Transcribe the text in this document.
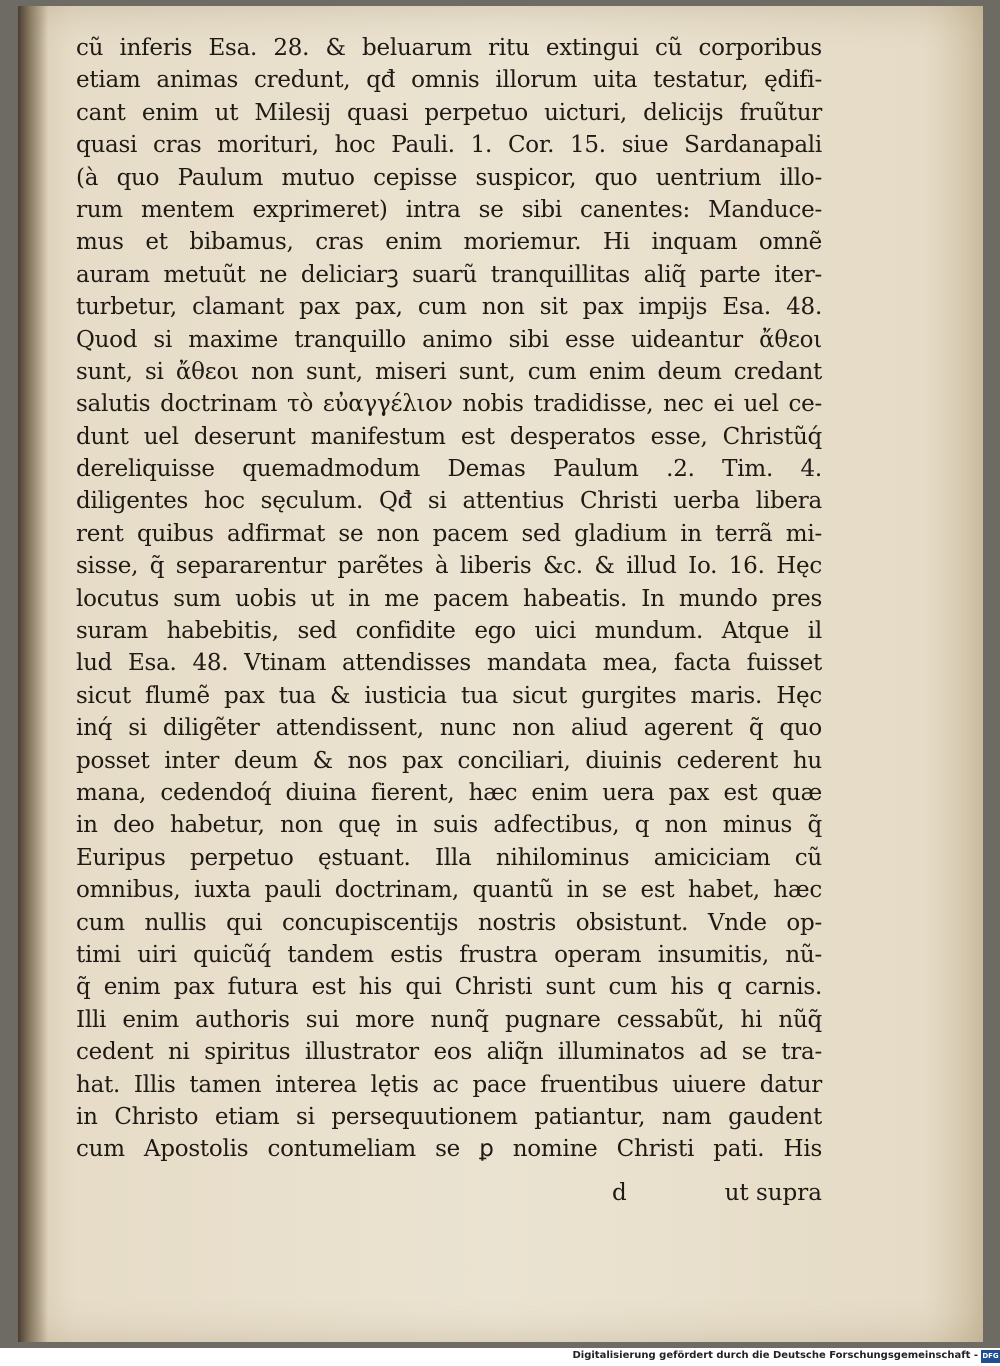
cũ inferis Esa. 28. & beluarum ritu extingui cũ corporibus
etiam animas credunt, qđ omnis illorum uita testatur, ędifi-
cant enim ut Milesij quasi perpetuo uicturi, delicijs fruũtur
quasi cras morituri, hoc Pauli. 1. Cor. 15. siue Sardanapali
(à quo Paulum mutuo cepisse suspicor, quo uentrium illo-
rum mentem exprimeret) intra se sibi canentes: Manduce-
mus et bibamus, cras enim moriemur. Hi inquam omnẽ
auram metuũt ne deliciarꝫ suarũ tranquillitas aliq̃ parte iter-
turbetur, clamant pax pax, cum non sit pax impijs Esa. 48.
Quod si maxime tranquillo animo sibi esse uideantur ἄθεοι
sunt, si ἄθεοι non sunt, miseri sunt, cum enim deum credant
salutis doctrinam τὸ εὐαγγέλιον nobis tradidisse, nec ei uel ce-
dunt uel deserunt manifestum est desperatos esse, Christũq́
dereliquisse quemadmodum Demas Paulum .2. Tim. 4.
diligentes hoc sęculum. Qđ si attentius Christi uerba libera
rent quibus adfirmat se non pacem sed gladium in terrã mi-
sisse, q̃ separarentur parẽtes à liberis &c. & illud Io. 16. Hęc
locutus sum uobis ut in me pacem habeatis. In mundo pres
suram habebitis, sed confidite ego uici mundum. Atque il
lud Esa. 48. Vtinam attendisses mandata mea, facta fuisset
sicut flumẽ pax tua & iusticia tua sicut gurgites maris. Hęc
inq́ si diligẽter attendissent, nunc non aliud agerent q̃ quo
posset inter deum & nos pax conciliari, diuinis cederent hu
mana, cedendoq́ diuina fierent, hæc enim uera pax est quæ
in deo habetur, non quę in suis adfectibus, q non minus q̃
Euripus perpetuo ęstuant. Illa nihilominus amiciciam cũ
omnibus, iuxta pauli doctrinam, quantũ in se est habet, hæc
cum nullis qui concupiscentijs nostris obsistunt. Vnde op-
timi uiri quicũq́ tandem estis frustra operam insumitis, nũ-
q̃ enim pax futura est his qui Christi sunt cum his q carnis.
Illi enim authoris sui more nunq̃ pugnare cessabũt, hi nũq̃
cedent ni spiritus illustrator eos aliq̃n illuminatos ad se tra-
hat. Illis tamen interea lętis ac pace fruentibus uiuere datur
in Christo etiam si persequutionem patiantur, nam gaudent
cum Apostolis contumeliam se ꝑ nomine Christi pati. His
d	ut supra
Digitalisierung gefördert durch die Deutsche Forschungsgemeinschaft - DFG
